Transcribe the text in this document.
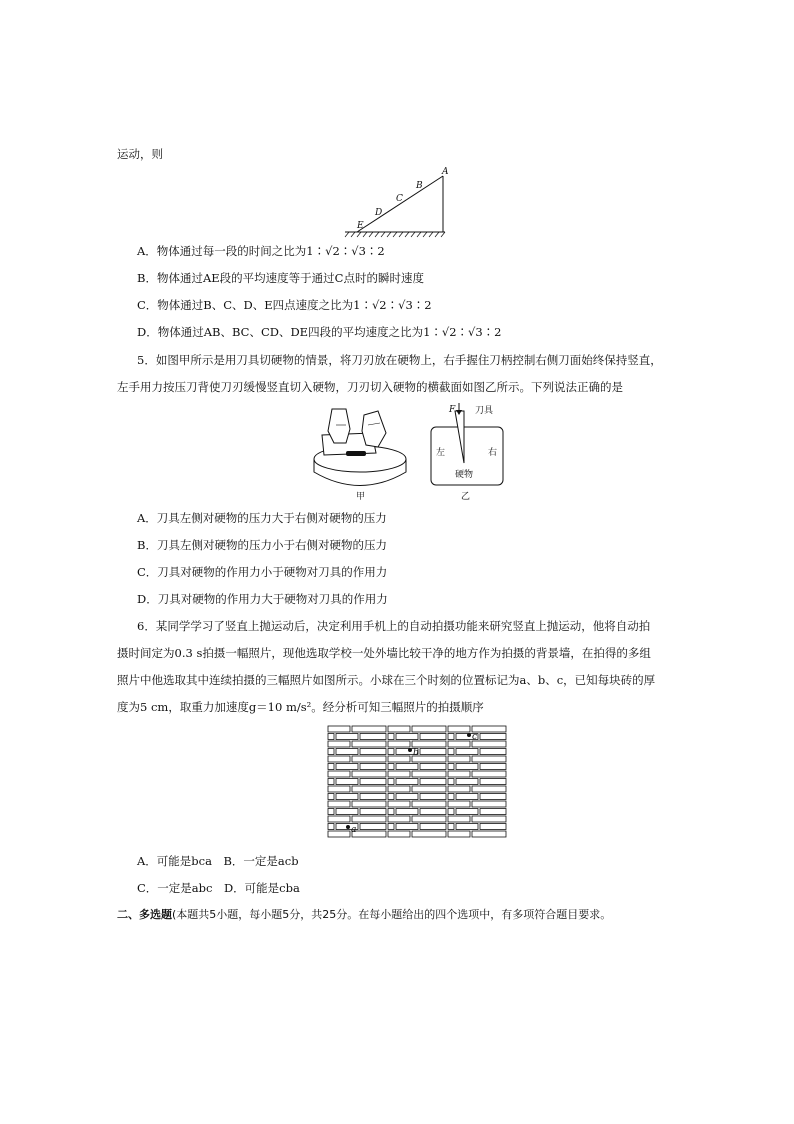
运动，则
A
B
C
D
E
A．物体通过每一段的时间之比为1∶√2∶√3∶2
B．物体通过AE段的平均速度等于通过C点时的瞬时速度
C．物体通过B、C、D、E四点速度之比为1∶√2∶√3∶2
D．物体通过AB、BC、CD、DE四段的平均速度之比为1∶√2∶√3∶2
5．如图甲所示是用刀具切硬物的情景，将刀刃放在硬物上，右手握住刀柄控制右侧刀面始终保持竖直，
左手用力按压刀背使刀刃缓慢竖直切入硬物，刀刃切入硬物的横截面如图乙所示。下列说法正确的是
甲
F 刀具
左	右
硬物
乙
A．刀具左侧对硬物的压力大于右侧对硬物的压力
B．刀具左侧对硬物的压力小于右侧对硬物的压力
C．刀具对硬物的作用力小于硬物对刀具的作用力
D．刀具对硬物的作用力大于硬物对刀具的作用力
6．某同学学习了竖直上抛运动后，决定利用手机上的自动拍摄功能来研究竖直上抛运动，他将自动拍
摄时间定为0.3 s拍摄一幅照片，现他选取学校一处外墙比较干净的地方作为拍摄的背景墙，在拍得的多组
照片中他选取其中连续拍摄的三幅照片如图所示。小球在三个时刻的位置标记为a、b、c，已知每块砖的厚
度为5 cm，取重力加速度g＝10 m/s²。经分析可知三幅照片的拍摄顺序
a
b
c
A．可能是bca　B．一定是acb
C．一定是abc　D．可能是cba
二、多选题(本题共5小题，每小题5分，共25分。在每小题给出的四个选项中，有多项符合题目要求。
